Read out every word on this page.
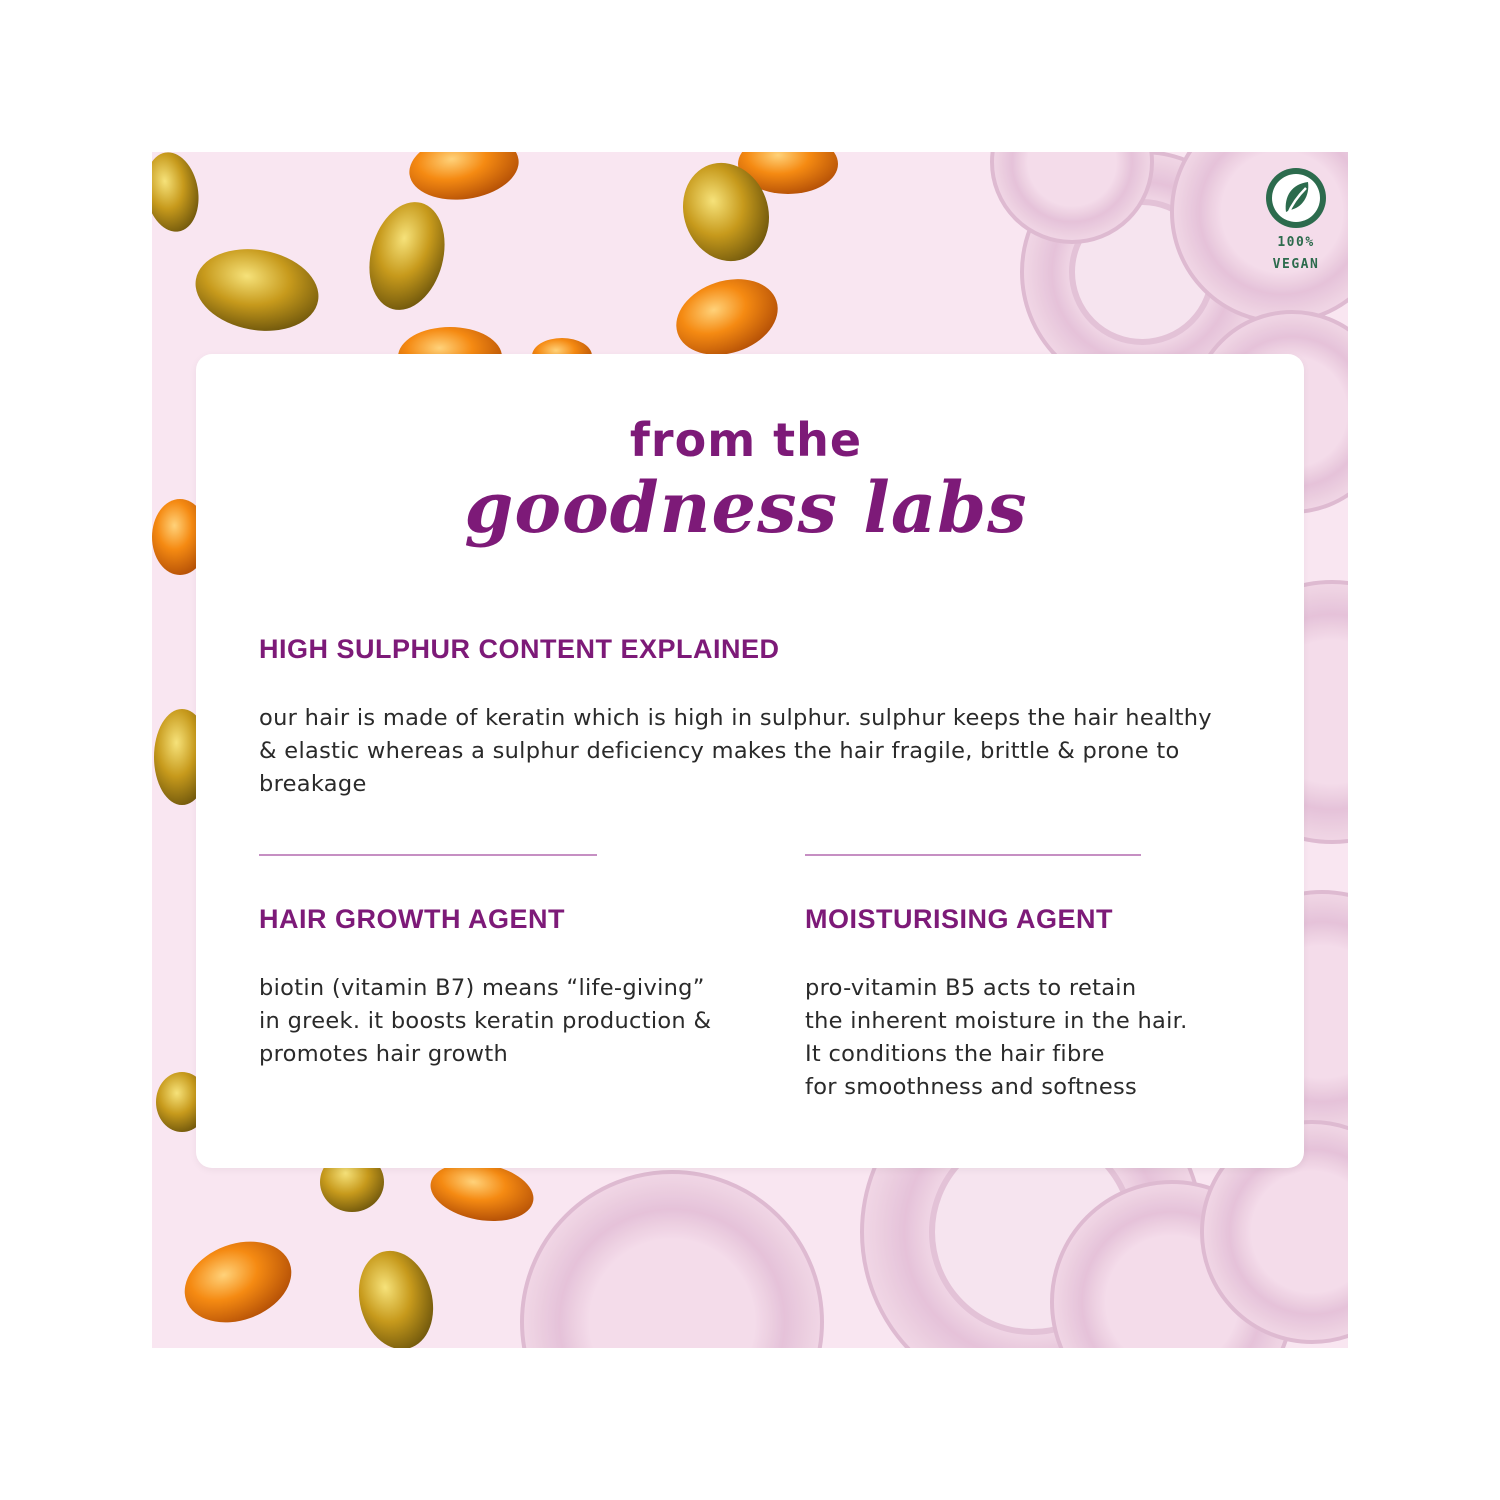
100%
VEGAN
from the
goodness labs
HIGH SULPHUR CONTENT EXPLAINED
our hair is made of keratin which is high in sulphur. sulphur keeps the hair healthy
& elastic whereas a sulphur deficiency makes the hair fragile, brittle & prone to
breakage
HAIR GROWTH AGENT
biotin (vitamin B7) means “life-giving”
in greek. it boosts keratin production &
promotes hair growth
MOISTURISING AGENT
pro-vitamin B5 acts to retain
the inherent moisture in the hair.
It conditions the hair fibre
for smoothness and softness
